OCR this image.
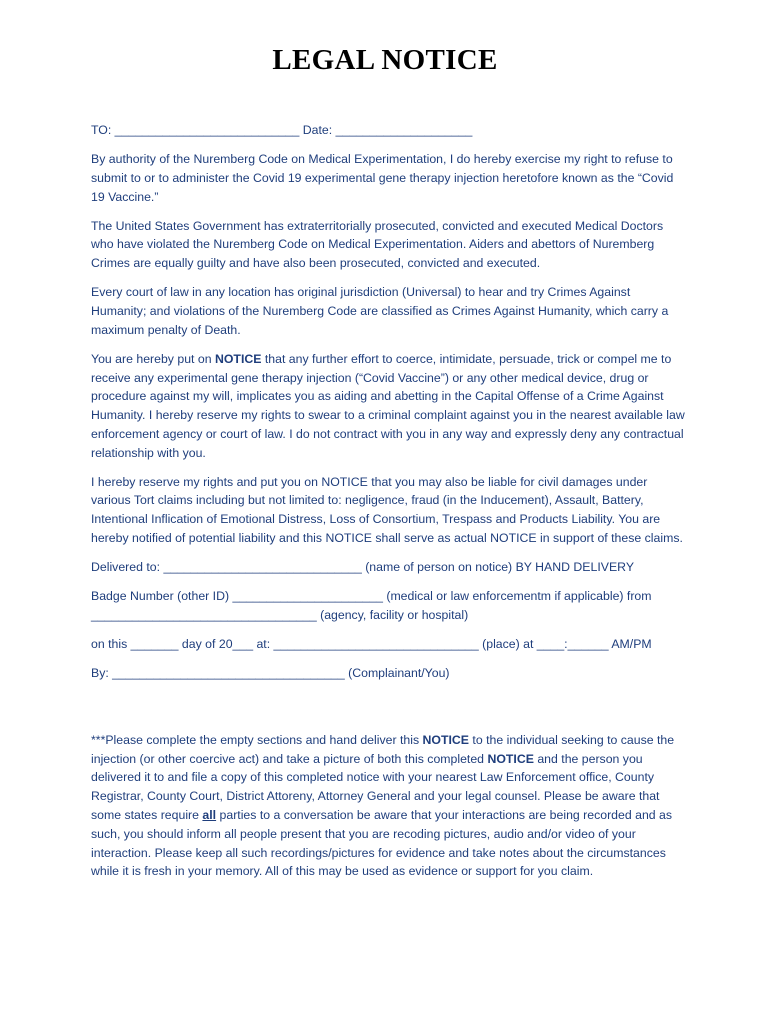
LEGAL NOTICE

TO: ___________________________ Date: ____________________

By authority of the Nuremberg Code on Medical Experimentation, I do hereby exercise my right to refuse to submit to or to administer the Covid 19 experimental gene therapy injection heretofore known as the “Covid 19 Vaccine.”

The United States Government has extraterritorially prosecuted, convicted and executed Medical Doctors who have violated the Nuremberg Code on Medical Experimentation. Aiders and abettors of Nuremberg Crimes are equally guilty and have also been prosecuted, convicted and executed.

Every court of law in any location has original jurisdiction (Universal) to hear and try Crimes Against Humanity; and violations of the Nuremberg Code are classified as Crimes Against Humanity, which carry a maximum penalty of Death.

You are hereby put on NOTICE that any further effort to coerce, intimidate, persuade, trick or compel me to receive any experimental gene therapy injection (“Covid Vaccine”) or any other medical device, drug or procedure against my will, implicates you as aiding and abetting in the Capital Offense of a Crime Against Humanity. I hereby reserve my rights to swear to a criminal complaint against you in the nearest available law enforcement agency or court of law. I do not contract with you in any way and expressly deny any contractual relationship with you.

I hereby reserve my rights and put you on NOTICE that you may also be liable for civil damages under various Tort claims including but not limited to: negligence, fraud (in the Inducement), Assault, Battery, Intentional Inflication of Emotional Distress, Loss of Consortium, Trespass and Products Liability. You are hereby notified of potential liability and this NOTICE shall serve as actual NOTICE in support of these claims.

Delivered to: _____________________________ (name of person on notice) BY HAND DELIVERY

Badge Number (other ID) ______________________ (medical or law enforcementm if applicable) from _________________________________ (agency, facility or hospital)

on this _______ day of 20___ at: ______________________________ (place) at ____:______ AM/PM

By: __________________________________ (Complainant/You)

***Please complete the empty sections and hand deliver this NOTICE to the individual seeking to cause the injection (or other coercive act) and take a picture of both this completed NOTICE and the person you delivered it to and file a copy of this completed notice with your nearest Law Enforcement office, County Registrar, County Court, District Attoreny, Attorney General and your legal counsel. Please be aware that some states require all parties to a conversation be aware that your interactions are being recorded and as such, you should inform all people present that you are recoding pictures, audio and/or video of your interaction. Please keep all such recordings/pictures for evidence and take notes about the circumstances while it is fresh in your memory. All of this may be used as evidence or support for you claim.
